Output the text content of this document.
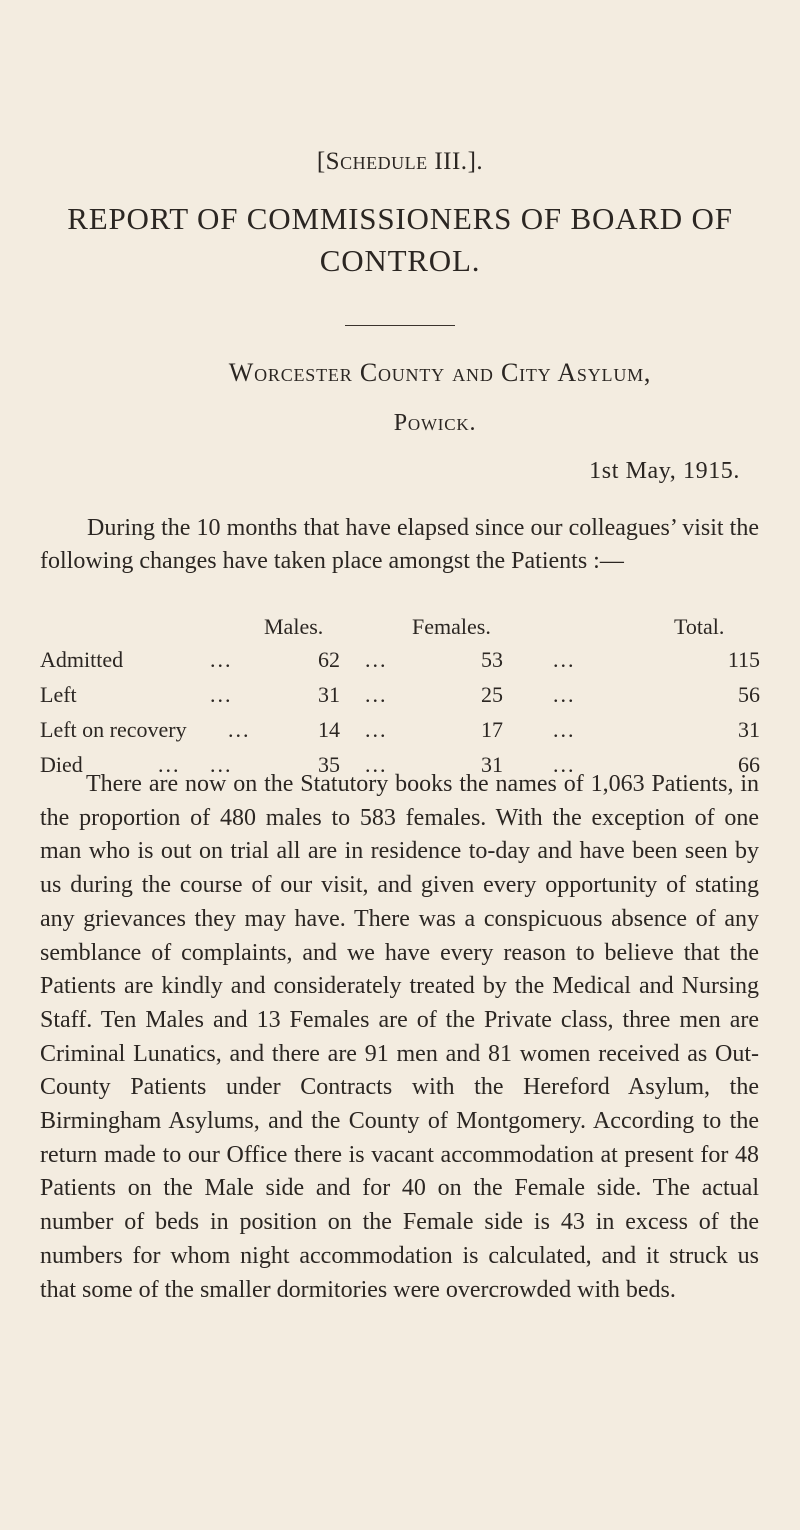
[Schedule III.].
REPORT OF COMMISSIONERS OF BOARD OF CONTROL.
Worcester County and City Asylum,
Powick.
1st May, 1915.
During the 10 months that have elapsed since our colleagues’ visit the following changes have taken place amongst the Patients :—
Males.	Females.	Total.
Admitted	...	62 ...	53 ...	115
Left	...	31 ...	25 ...	56
Left on recovery ...	14 ...	17 ...	31
Died	... ...	35 ...	31 ...	66
There are now on the Statutory books the names of 1,063 Patients, in the proportion of 480 males to 583 females. With the exception of one man who is out on trial all are in residence to-day and have been seen by us during the course of our visit, and given every opportunity of stating any grievances they may have. There was a conspicuous absence of any semblance of complaints, and we have every reason to believe that the Patients are kindly and considerately treated by the Medical and Nursing Staff. Ten Males and 13 Females are of the Private class, three men are Criminal Lunatics, and there are 91 men and 81 women received as Out-County Patients under Contracts with the Hereford Asylum, the Birmingham Asylums, and the County of Montgomery. According to the return made to our Office there is vacant accommodation at present for 48 Patients on the Male side and for 40 on the Female side. The actual number of beds in position on the Female side is 43 in excess of the numbers for whom night accommodation is calculated, and it struck us that some of the smaller dormitories were overcrowded with beds.
